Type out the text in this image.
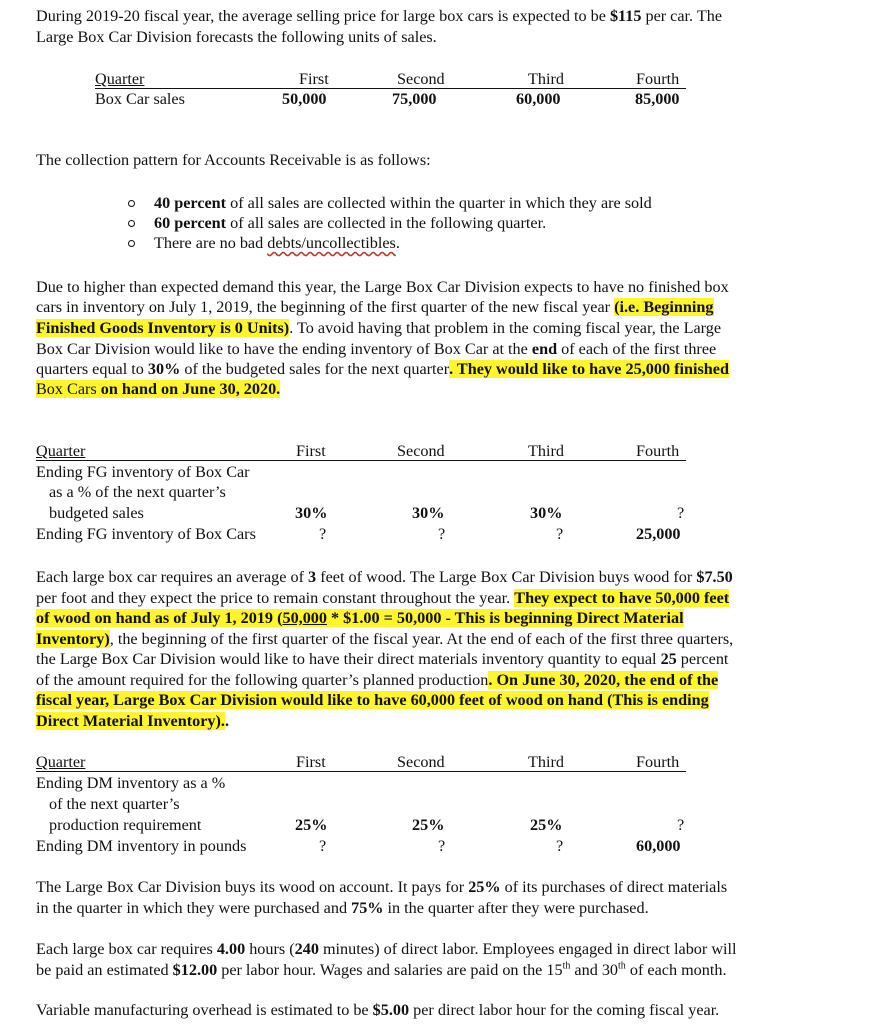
During 2019-20 fiscal year, the average selling price for large box cars is expected to be $115 per car. The
Large Box Car Division forecasts the following units of sales.
Quarter	First	Second	Third	Fourth
Box Car sales	50,000	75,000	60,000	85,000
The collection pattern for Accounts Receivable is as follows:
40 percent of all sales are collected within the quarter in which they are sold
60 percent of all sales are collected in the following quarter.
There are no bad debts/uncollectibles.
Due to higher than expected demand this year, the Large Box Car Division expects to have no finished box
cars in inventory on July 1, 2019, the beginning of the first quarter of the new fiscal year (i.e. Beginning
Finished Goods Inventory is 0 Units). To avoid having that problem in the coming fiscal year, the Large
Box Car Division would like to have the ending inventory of Box Car at the end of each of the first three
quarters equal to 30% of the budgeted sales for the next quarter. They would like to have 25,000 finished
Box Cars on hand on June 30, 2020.
Quarter	First	Second	Third	Fourth
Ending FG inventory of Box Car
as a % of the next quarter’s
budgeted sales	30%	30%	30%	?
Ending FG inventory of Box Cars	?	?	?	25,000
Each large box car requires an average of 3 feet of wood. The Large Box Car Division buys wood for $7.50
per foot and they expect the price to remain constant throughout the year. They expect to have 50,000 feet
of wood on hand as of July 1, 2019 (50,000 * $1.00 = 50,000 - This is beginning Direct Material
Inventory), the beginning of the first quarter of the fiscal year. At the end of each of the first three quarters,
the Large Box Car Division would like to have their direct materials inventory quantity to equal 25 percent
of the amount required for the following quarter’s planned production. On June 30, 2020, the end of the
fiscal year, Large Box Car Division would like to have 60,000 feet of wood on hand (This is ending
Direct Material Inventory)..
Quarter	First	Second	Third	Fourth
Ending DM inventory as a %
of the next quarter’s
production requirement	25%	25%	25%	?
Ending DM inventory in pounds	?	?	?	60,000
The Large Box Car Division buys its wood on account. It pays for 25% of its purchases of direct materials
in the quarter in which they were purchased and 75% in the quarter after they were purchased.
Each large box car requires 4.00 hours (240 minutes) of direct labor. Employees engaged in direct labor will
be paid an estimated $12.00 per labor hour. Wages and salaries are paid on the 15th and 30th of each month.
Variable manufacturing overhead is estimated to be $5.00 per direct labor hour for the coming fiscal year.
